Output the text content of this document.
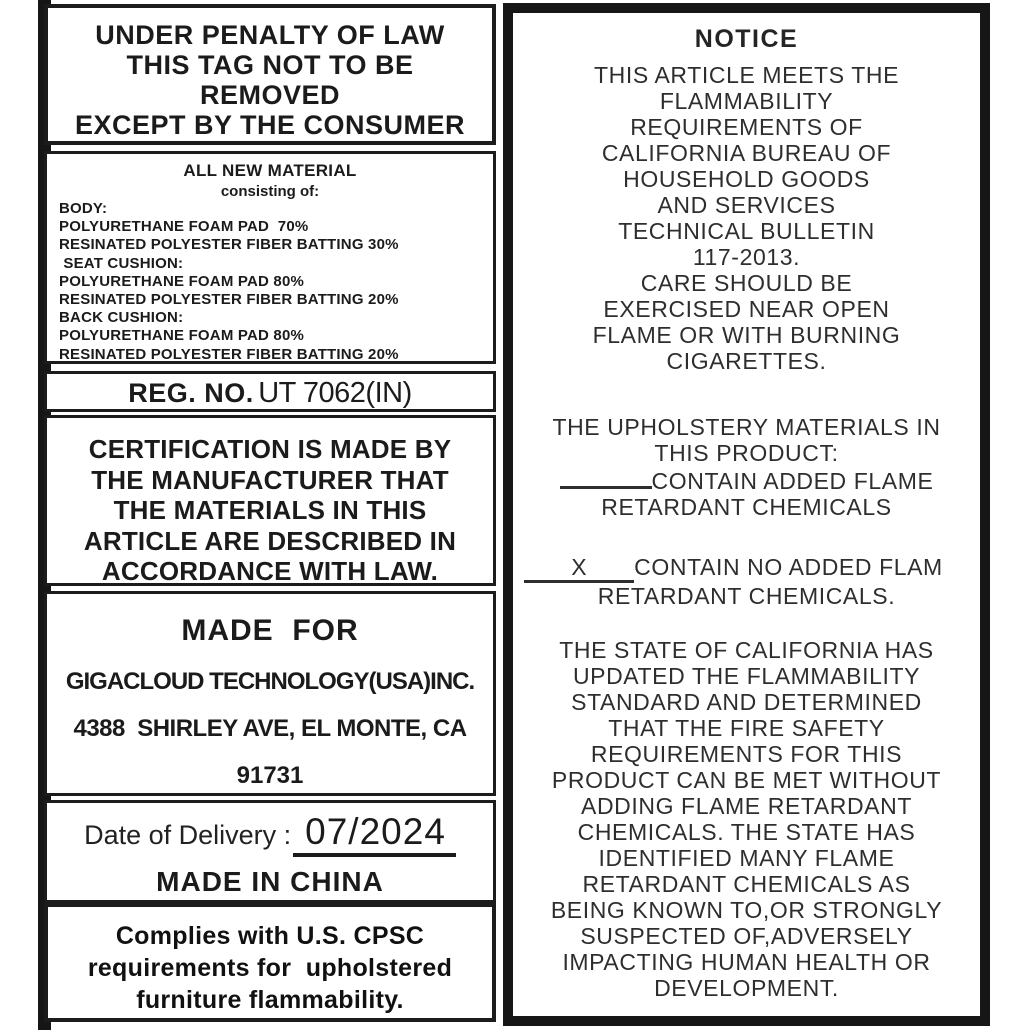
UNDER PENALTY OF LAW
THIS TAG NOT TO BE
REMOVED
EXCEPT BY THE CONSUMER
ALL NEW MATERIAL
consisting of:
BODY:
POLYURETHANE FOAM PAD  70%
RESINATED POLYESTER FIBER BATTING 30%
SEAT CUSHION:
POLYURETHANE FOAM PAD 80%
RESINATED POLYESTER FIBER BATTING 20%
BACK CUSHION:
POLYURETHANE FOAM PAD 80%
RESINATED POLYESTER FIBER BATTING 20%
REG. NO. UT 7062(IN)
CERTIFICATION IS MADE BY
THE MANUFACTURER THAT
THE MATERIALS IN THIS
ARTICLE ARE DESCRIBED IN
ACCORDANCE WITH LAW.
MADE  FOR
GIGACLOUD TECHNOLOGY(USA)INC.
4388  SHIRLEY AVE, EL MONTE, CA
91731
Date of Delivery : 07/2024
MADE IN CHINA
Complies with U.S. CPSC
requirements for  upholstered
furniture flammability.
NOTICE
THIS ARTICLE MEETS THE
FLAMMABILITY
REQUIREMENTS OF
CALIFORNIA BUREAU OF
HOUSEHOLD GOODS
AND SERVICES
TECHNICAL BULLETIN
117-2013.
CARE SHOULD BE
EXERCISED NEAR OPEN
FLAME OR WITH BURNING
CIGARETTES.
THE UPHOLSTERY MATERIALS IN
THIS PRODUCT:
CONTAIN ADDED FLAME
RETARDANT CHEMICALS
X CONTAIN NO ADDED FLAM
RETARDANT CHEMICALS.
THE STATE OF CALIFORNIA HAS
UPDATED THE FLAMMABILITY
STANDARD AND DETERMINED
THAT THE FIRE SAFETY
REQUIREMENTS FOR THIS
PRODUCT CAN BE MET WITHOUT
ADDING FLAME RETARDANT
CHEMICALS. THE STATE HAS
IDENTIFIED MANY FLAME
RETARDANT CHEMICALS AS
BEING KNOWN TO,OR STRONGLY
SUSPECTED OF,ADVERSELY
IMPACTING HUMAN HEALTH OR
DEVELOPMENT.
